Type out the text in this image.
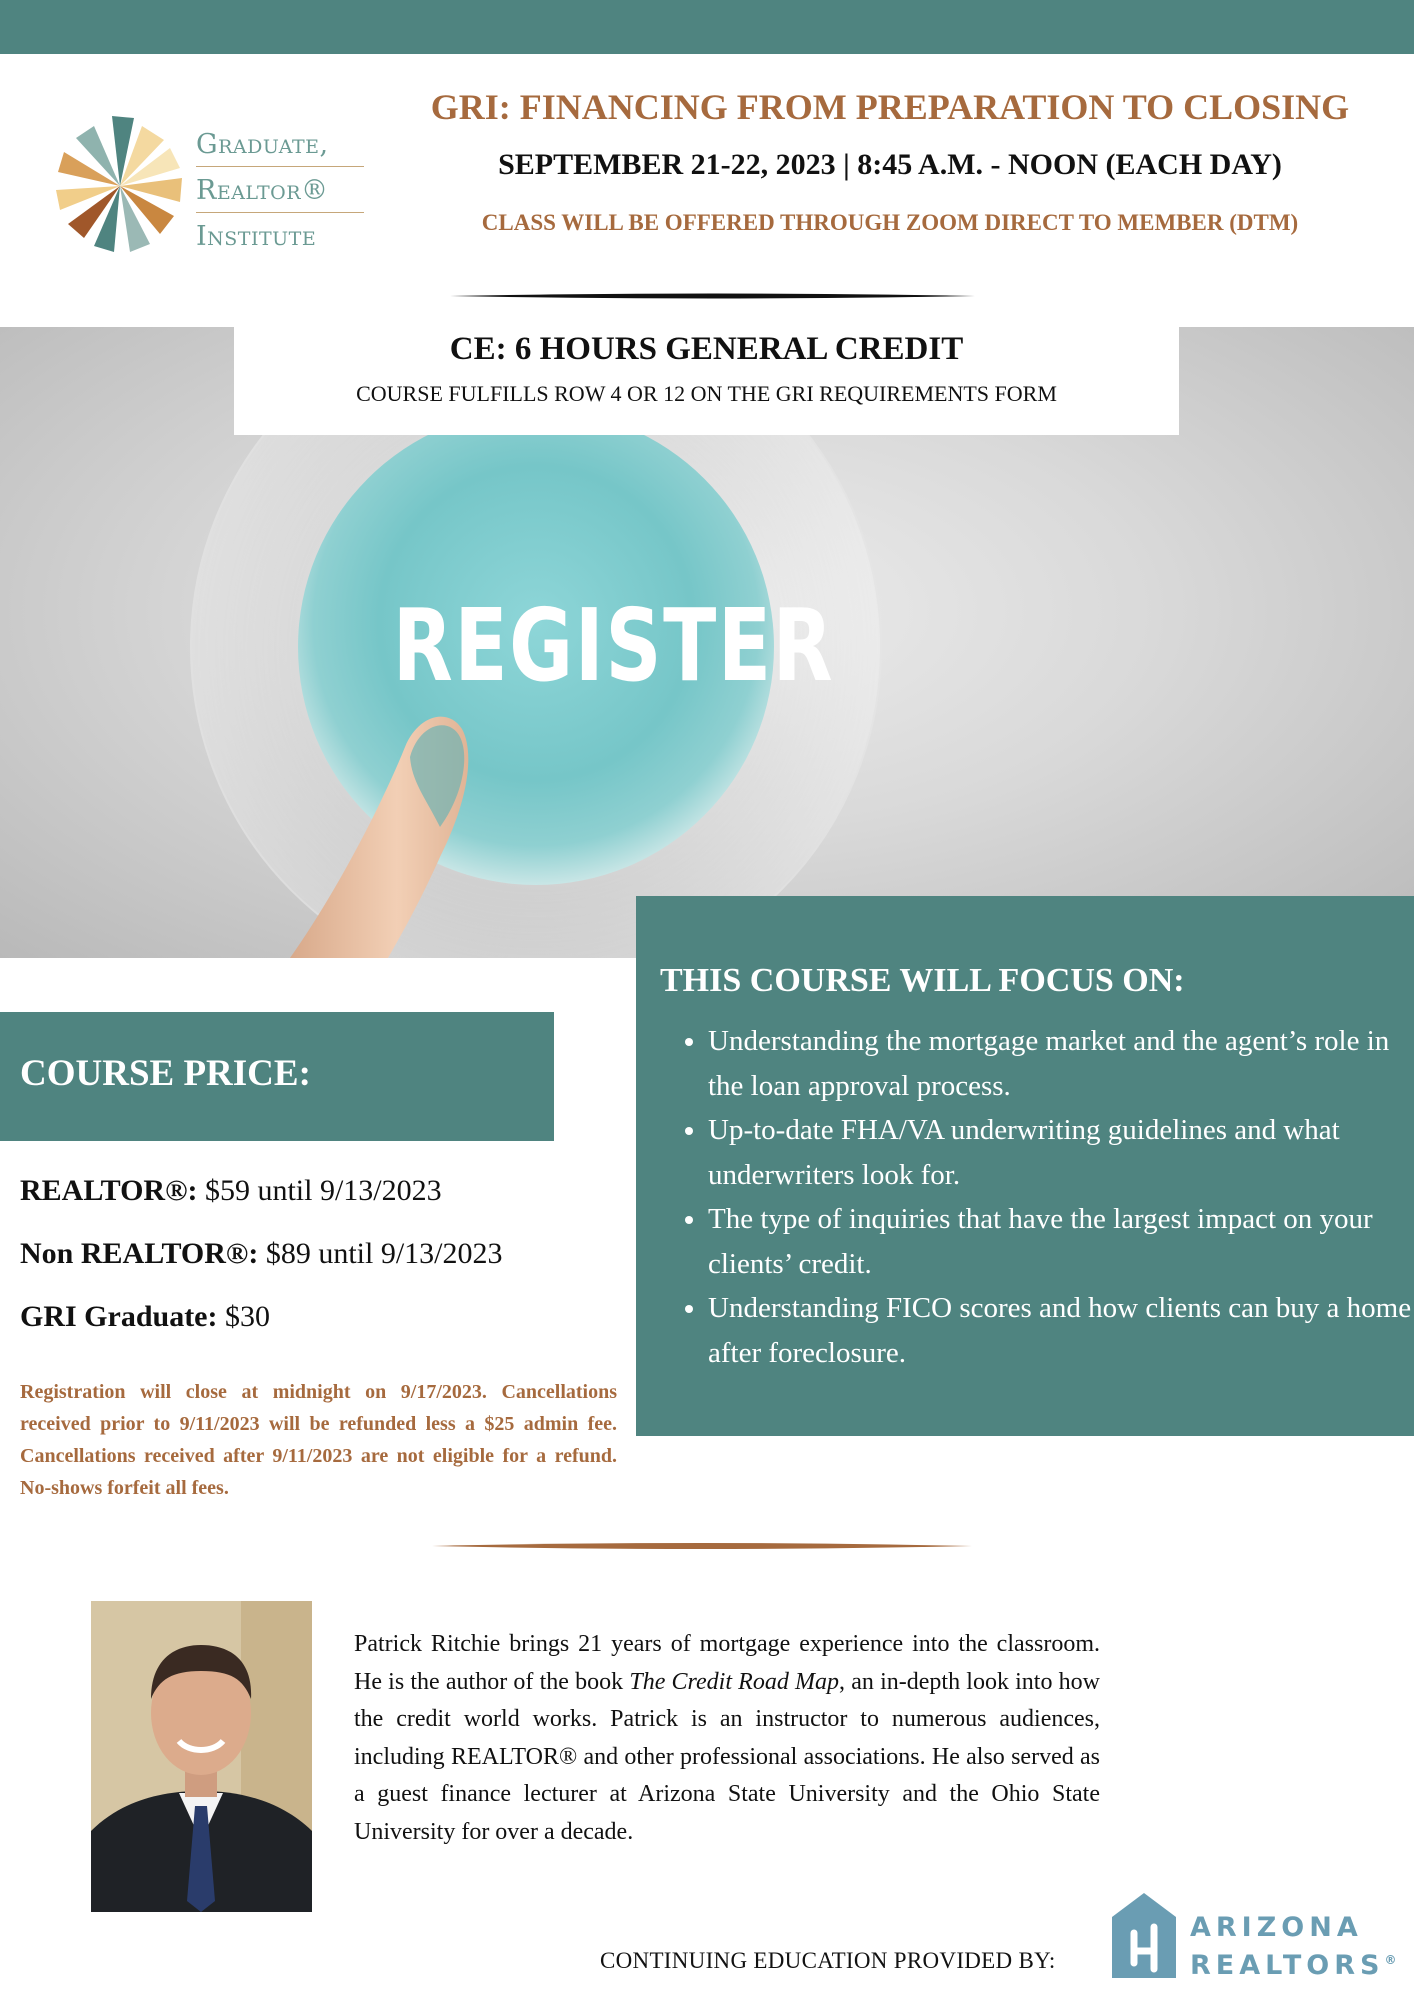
Graduate,
Realtor®
Institute
GRI: FINANCING FROM PREPARATION TO CLOSING
SEPTEMBER 21-22, 2023 | 8:45 A.M. - NOON (EACH DAY)
CLASS WILL BE OFFERED THROUGH ZOOM DIRECT TO MEMBER (DTM)
REGISTER
CE: 6 HOURS GENERAL CREDIT
COURSE FULFILLS ROW 4 OR 12 ON THE GRI REQUIREMENTS FORM
THIS COURSE WILL FOCUS ON:
• Understanding the mortgage market and the agent’s role in the loan approval process.
• Up-to-date FHA/VA underwriting guidelines and what underwriters look for.
• The type of inquiries that have the largest impact on your clients’ credit.
• Understanding FICO scores and how clients can buy a home after foreclosure.
COURSE PRICE:
REALTOR®: $59 until 9/13/2023
Non REALTOR®: $89 until 9/13/2023
GRI Graduate: $30
Registration will close at midnight on 9/17/2023. Cancellations received prior to 9/11/2023 will be refunded less a $25 admin fee. Cancellations received after 9/11/2023 are not eligible for a refund. No-shows forfeit all fees.
Patrick Ritchie brings 21 years of mortgage experience into the classroom. He is the author of the book The Credit Road Map, an in-depth look into how the credit world works. Patrick is an instructor to numerous audiences, including REALTOR® and other professional associations. He also served as a guest finance lecturer at Arizona State University and the Ohio State University for over a decade.
CONTINUING EDUCATION PROVIDED BY:
ARIZONA
REALTORS®
